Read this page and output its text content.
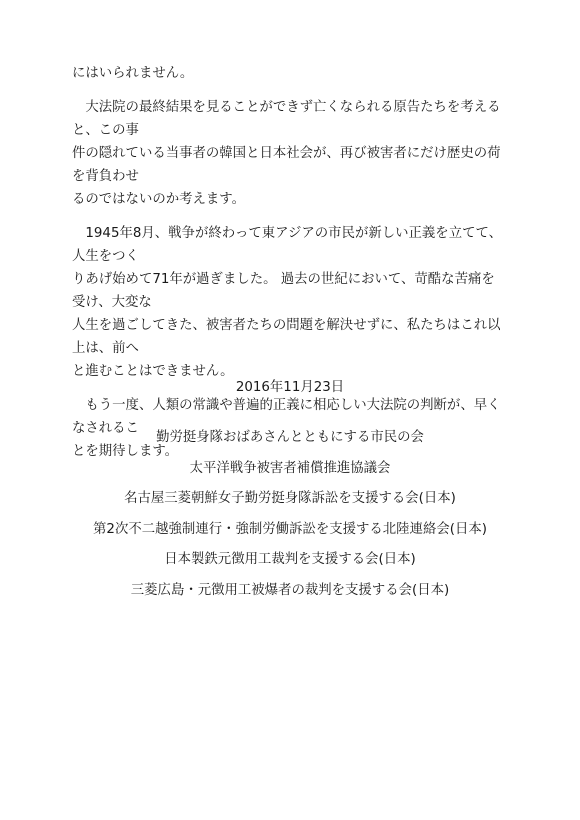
にはいられません。

大法院の最終結果を見ることができず亡くなられる原告たちを考えると、この事
件の隠れている当事者の韓国と日本社会が、再び被害者にだけ歴史の荷を背負わせ
るのではないのか考えます。

1945年8月、戦争が終わって東アジアの市民が新しい正義を立てて、人生をつく
りあげ始めて71年が過ぎました。 過去の世紀において、苛酷な苦痛を受け、大変な
人生を過ごしてきた、被害者たちの問題を解決せずに、私たちはこれ以上は、前へ
と進むことはできません。

もう一度、人類の常識や普遍的正義に相応しい大法院の判断が、早くなされるこ
とを期待します。

2016年11月23日
勤労挺身隊おばあさんとともにする市民の会
太平洋戦争被害者補償推進協議会
名古屋三菱朝鮮女子勤労挺身隊訴訟を支援する会(日本)
第2次不二越強制連行・強制労働訴訟を支援する北陸連絡会(日本)
日本製鉄元徴用工裁判を支援する会(日本)
三菱広島・元徴用工被爆者の裁判を支援する会(日本)
